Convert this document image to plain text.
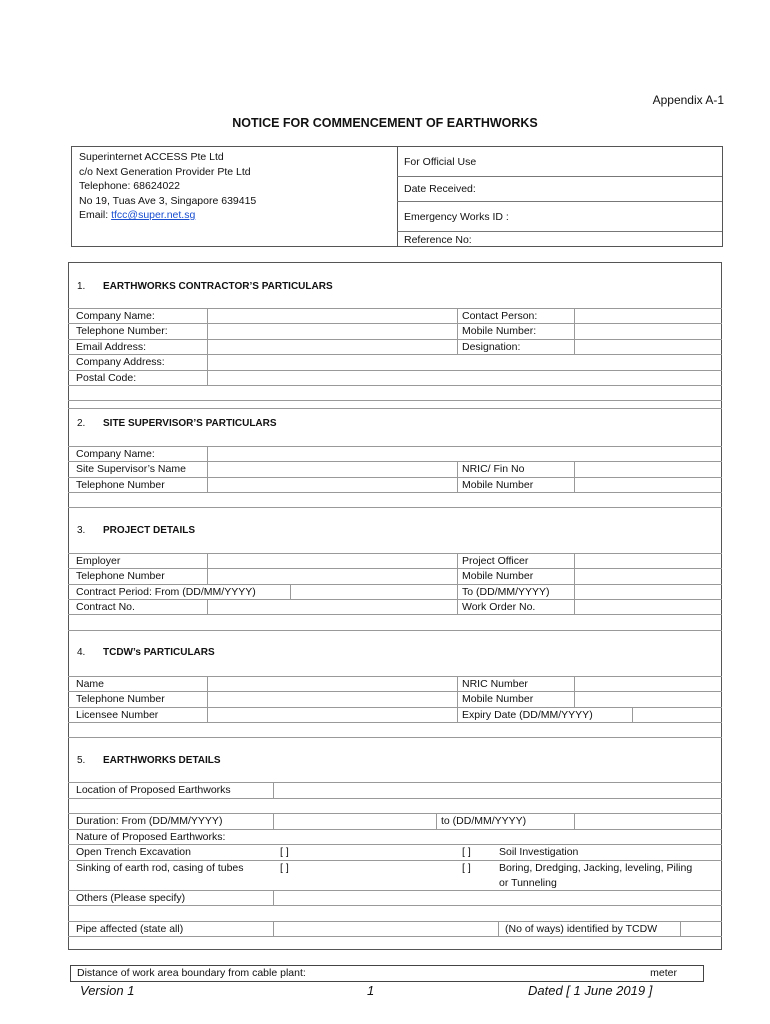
Appendix A-1
NOTICE FOR COMMENCEMENT OF EARTHWORKS
Superinternet ACCESS Pte Ltd
c/o Next Generation Provider Pte Ltd
Telephone: 68624022
No 19, Tuas Ave 3, Singapore 639415
Email: tfcc@super.net.sg
For Official Use
Date Received:
Emergency Works ID :
Reference No:
1. EARTHWORKS CONTRACTOR’S PARTICULARS
Company Name:	Contact Person:
Telephone Number:	Mobile Number:
Email Address:	Designation:
Company Address:
Postal Code:
2. SITE SUPERVISOR’S PARTICULARS
Company Name:
Site Supervisor’s Name	NRIC/ Fin No
Telephone Number	Mobile Number
3. PROJECT DETAILS
Employer	Project Officer
Telephone Number	Mobile Number
Contract Period: From (DD/MM/YYYY)	To (DD/MM/YYYY)
Contract No.	Work Order No.
4. TCDW’s PARTICULARS
Name	NRIC Number
Telephone Number	Mobile Number
Licensee Number	Expiry Date (DD/MM/YYYY)
5. EARTHWORKS DETAILS
Location of Proposed Earthworks
Duration: From (DD/MM/YYYY)	to (DD/MM/YYYY)
Nature of Proposed Earthworks:
Open Trench Excavation	[ ]	[ ]	Soil Investigation
Sinking of earth rod, casing of tubes	[ ]	[ ]	Boring, Dredging, Jacking, leveling, Piling
or Tunneling
Others (Please specify)
Pipe affected (state all)	(No of ways) identified by TCDW
Distance of work area boundary from cable plant:	meter
Version 1	1	Dated [ 1 June 2019 ]
